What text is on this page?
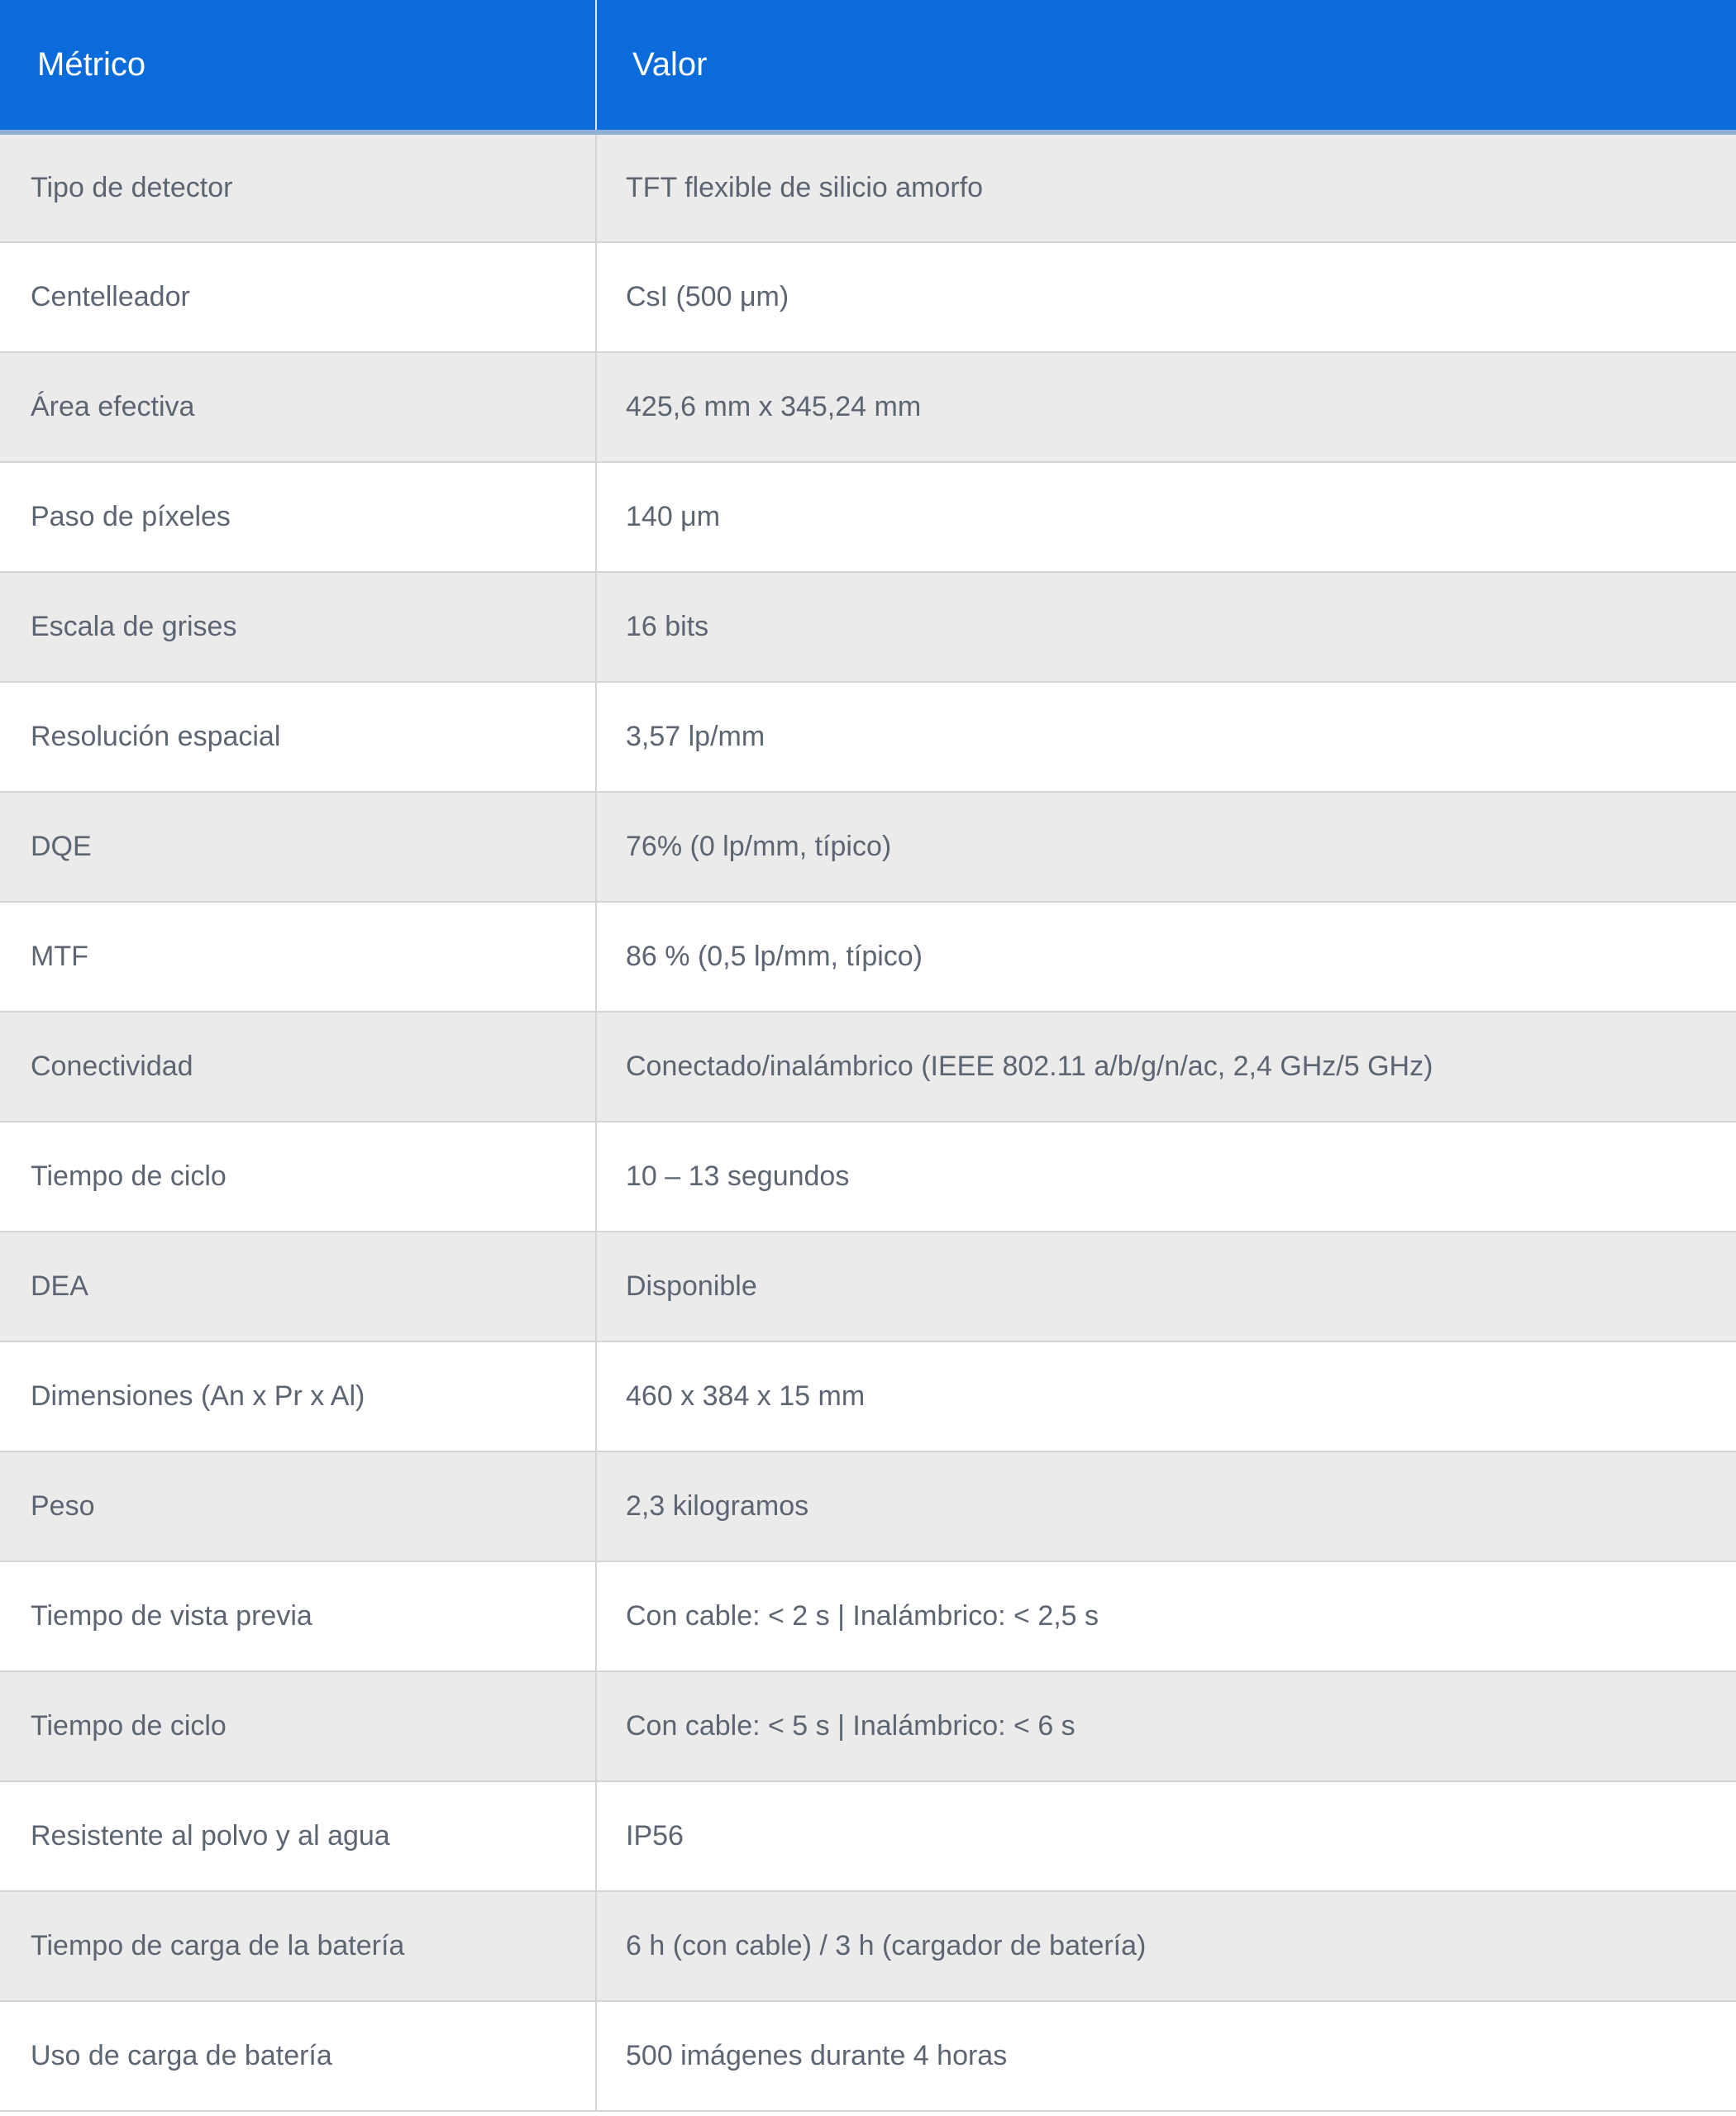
Métrico	Valor
Tipo de detector	TFT flexible de silicio amorfo
Centelleador	CsI (500 μm)
Área efectiva	425,6 mm x 345,24 mm
Paso de píxeles	140 μm
Escala de grises	16 bits
Resolución espacial	3,57 lp/mm
DQE	76% (0 lp/mm, típico)
MTF	86 % (0,5 lp/mm, típico)
Conectividad	Conectado/inalámbrico (IEEE 802.11 a/b/g/n/ac, 2,4 GHz/5 GHz)
Tiempo de ciclo	10 – 13 segundos
DEA	Disponible
Dimensiones (An x Pr x Al)	460 x 384 x 15 mm
Peso	2,3 kilogramos
Tiempo de vista previa	Con cable: < 2 s | Inalámbrico: < 2,5 s
Tiempo de ciclo	Con cable: < 5 s | Inalámbrico: < 6 s
Resistente al polvo y al agua	IP56
Tiempo de carga de la batería	6 h (con cable) / 3 h (cargador de batería)
Uso de carga de batería	500 imágenes durante 4 horas
